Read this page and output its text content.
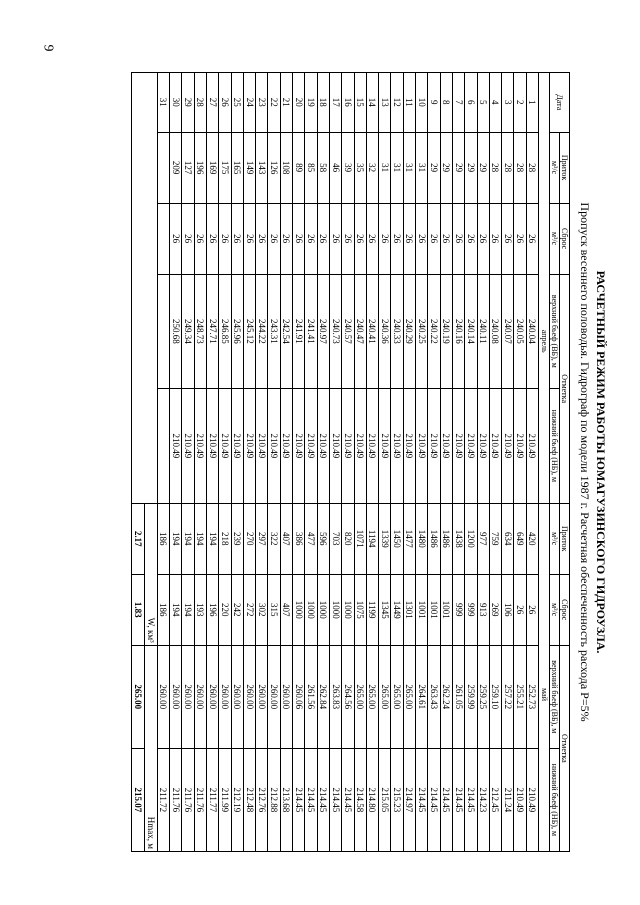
9
РАСЧЕТНЫЙ РЕЖИМ РАБОТЫ ЮМАГУЗИНСКОГО ГИДРОУЗЛА.
Пропуск весеннего половодья. Гидрограф по модели 1987 г. Расчетная обеспеченность расхода Р=5%
Дата	Приток	Сброс	Отметка		Приток	Сброс	Отметка	
	м³/с	м³/с	верхний бьеф (ВБ), м	нижний бьеф (НБ), м	м³/с	м³/с	верхний бьеф (ВБ), м	нижний бьеф (НБ), м

апрель					май			
1	28	26	240.04	210.49	420	26	252.73	210.49
2	28	26	240.05	210.49	649	26	255.21	210.49
3	28	26	240.07	210.49	634	106	257.22	211.24
4	28	26	240.08	210.49	759	269	259.10	212.45
5	29	26	240.11	210.49	977	913	259.25	214.23
6	29	26	240.14	210.49	1200	999	259.99	214.45
7	29	26	240.16	210.49	1438	999	261.05	214.45
8	29	26	240.19	210.49	1486	1001	262.24	214.45
9	29	26	240.22	210.49	1486	1001	263.43	214.45
10	31	26	240.25	210.49	1480	1001	264.61	214.45
11	31	26	240.29	210.49	1477	1301	265.00	214.97
12	31	26	240.33	210.49	1450	1449	265.00	215.23
13	31	26	240.36	210.49	1339	1345	265.00	215.05
14	32	26	240.41	210.49	1194	1199	265.00	214.80
15	35	26	240.47	210.49	1071	1075	265.00	214.58
16	39	26	240.57	210.49	820	1000	264.56	214.45
17	46	26	240.73	210.49	703	1000	263.83	214.45
18	58	26	240.97	210.49	596	1000	262.84	214.45
19	85	26	241.41	210.49	477	1000	261.56	214.45
20	89	26	241.91	210.49	386	1000	260.06	214.45
21	108	26	242.54	210.49	407	407	260.00	213.68
22	126	26	243.31	210.49	322	315	260.00	212.88
23	143	26	244.22	210.49	297	302	260.00	212.76
24	149	26	245.12	210.49	270	272	260.00	212.48
25	165	26	245.96	210.49	239	242	260.00	212.19
26	175	26	246.85	210.49	218	220	260.00	211.99
27	169	26	247.71	210.49	194	196	260.00	211.77
28	196	26	248.73	210.49	194	193	260.00	211.76
29	127	26	249.34	210.49	194	194	260.00	211.76
30	209	26	250.68	210.49	194	194	260.00	211.76
31					186	186	260.00	211.72
					W, км³		Hmax, м	
					2.17	1.83	265.00	215.07
